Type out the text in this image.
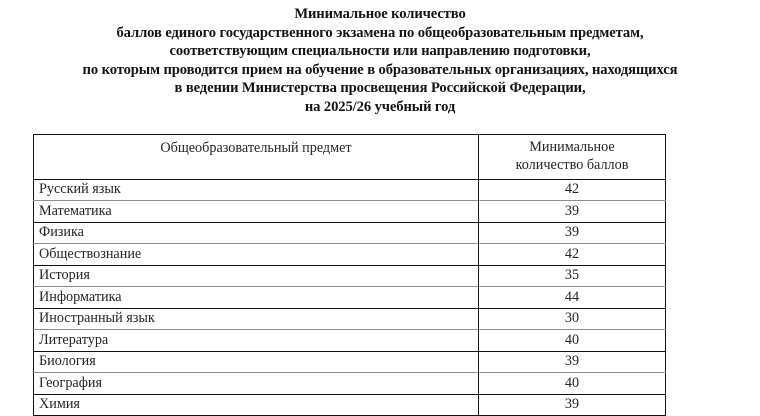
Минимальное количество
баллов единого государственного экзамена по общеобразовательным предметам,
соответствующим специальности или направлению подготовки,
по которым проводится прием на обучение в образовательных организациях, находящихся
в ведении Министерства просвещения Российской Федерации,
на 2025/26 учебный год
Общеобразовательный предмет	Минимальное
количество баллов

Русский язык	42
Математика	39
Физика	39
Обществознание	42
История	35
Информатика	44
Иностранный язык	30
Литература	40
Биология	39
География	40
Химия	39
